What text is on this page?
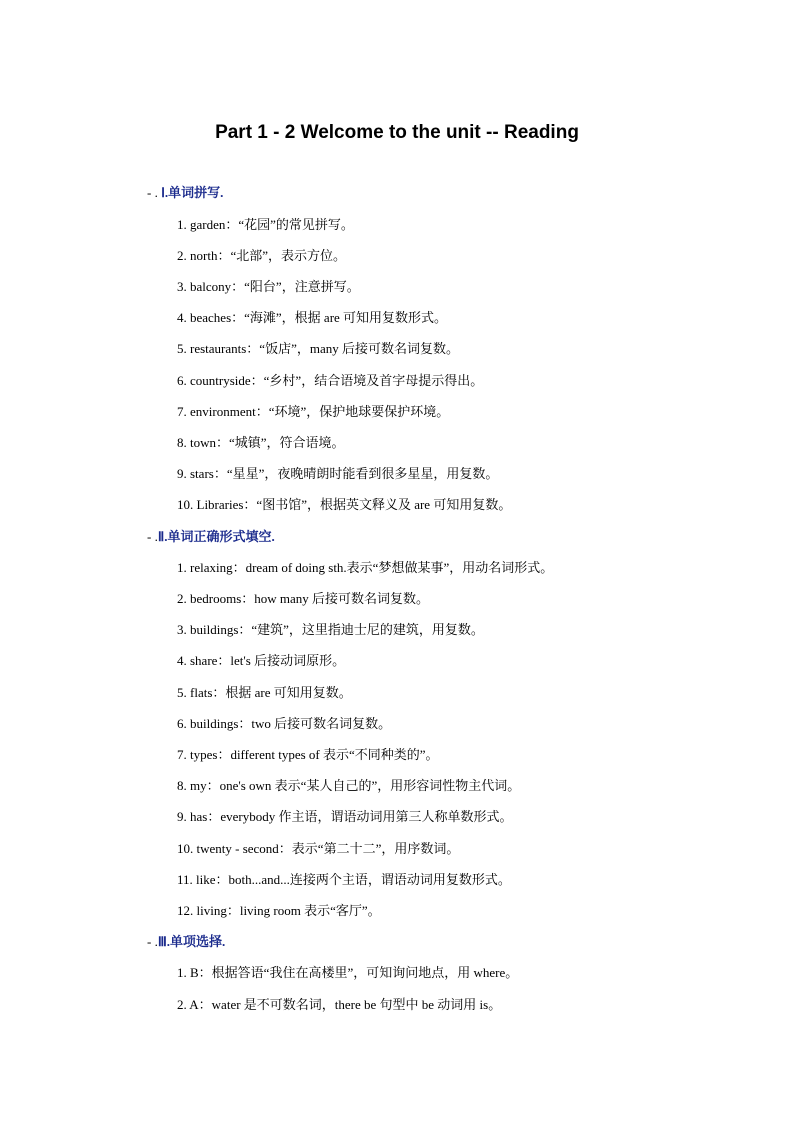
Part 1 - 2 Welcome to the unit -- Reading
- . Ⅰ.单词拼写.
1. garden：“花园”的常见拼写。
2. north：“北部”，表示方位。
3. balcony：“阳台”，注意拼写。
4. beaches：“海滩”，根据 are 可知用复数形式。
5. restaurants：“饭店”，many 后接可数名词复数。
6. countryside：“乡村”，结合语境及首字母提示得出。
7. environment：“环境”，保护地球要保护环境。
8. town：“城镇”，符合语境。
9. stars：“星星”，夜晚晴朗时能看到很多星星，用复数。
10. Libraries：“图书馆”，根据英文释义及 are 可知用复数。
- .Ⅱ.单词正确形式填空.
1. relaxing：dream of doing sth.表示“梦想做某事”，用动名词形式。
2. bedrooms：how many 后接可数名词复数。
3. buildings：“建筑”，这里指迪士尼的建筑，用复数。
4. share：let's 后接动词原形。
5. flats：根据 are 可知用复数。
6. buildings：two 后接可数名词复数。
7. types：different types of 表示“不同种类的”。
8. my：one's own 表示“某人自己的”，用形容词性物主代词。
9. has：everybody 作主语，谓语动词用第三人称单数形式。
10. twenty - second：表示“第二十二”，用序数词。
11. like：both...and...连接两个主语，谓语动词用复数形式。
12. living：living room 表示“客厅”。
- .Ⅲ.单项选择.
1. B：根据答语“我住在高楼里”，可知询问地点，用 where。
2. A：water 是不可数名词，there be 句型中 be 动词用 is。
